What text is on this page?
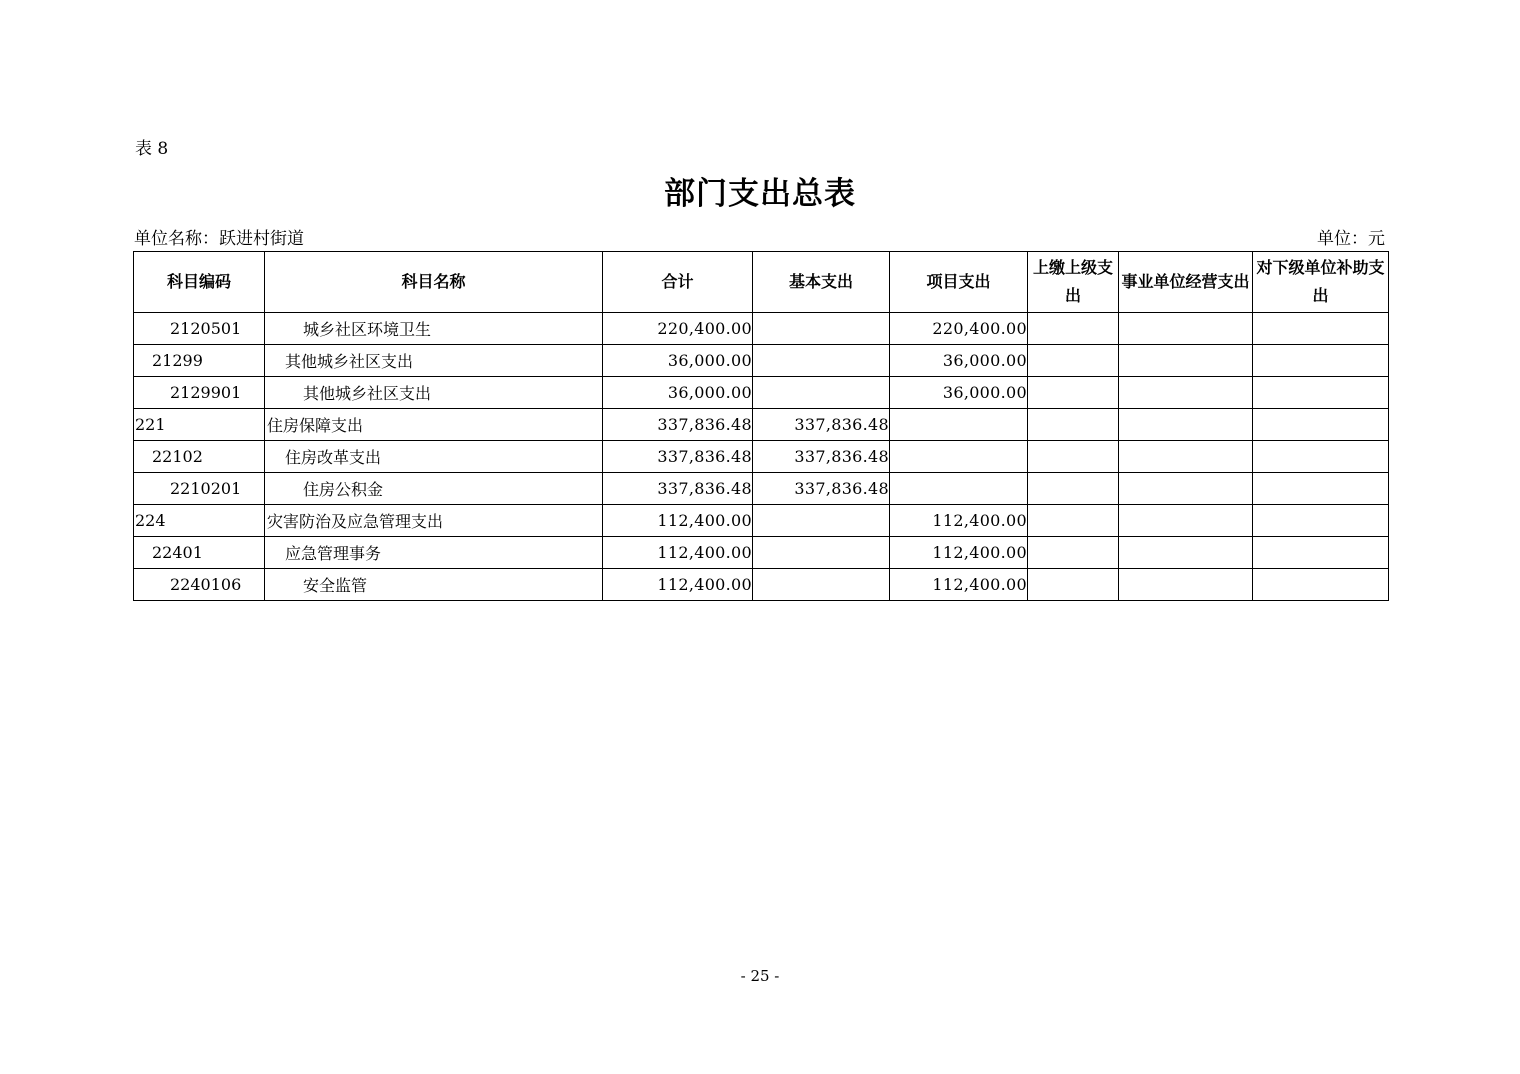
表 8
部门支出总表
单位名称：跃进村街道	单位：元
科目编码	科目名称	合计	基本支出	项目支出	上缴上级支出	事业单位经营支出	对下级单位补助支出
2120501	城乡社区环境卫生	220,400.00		220,400.00			
21299	其他城乡社区支出	36,000.00		36,000.00			
2129901	其他城乡社区支出	36,000.00		36,000.00			
221	住房保障支出	337,836.48	337,836.48				
22102	住房改革支出	337,836.48	337,836.48				
2210201	住房公积金	337,836.48	337,836.48				
224	灾害防治及应急管理支出	112,400.00		112,400.00			
22401	应急管理事务	112,400.00		112,400.00			
2240106	安全监管	112,400.00		112,400.00			
- 25 -
